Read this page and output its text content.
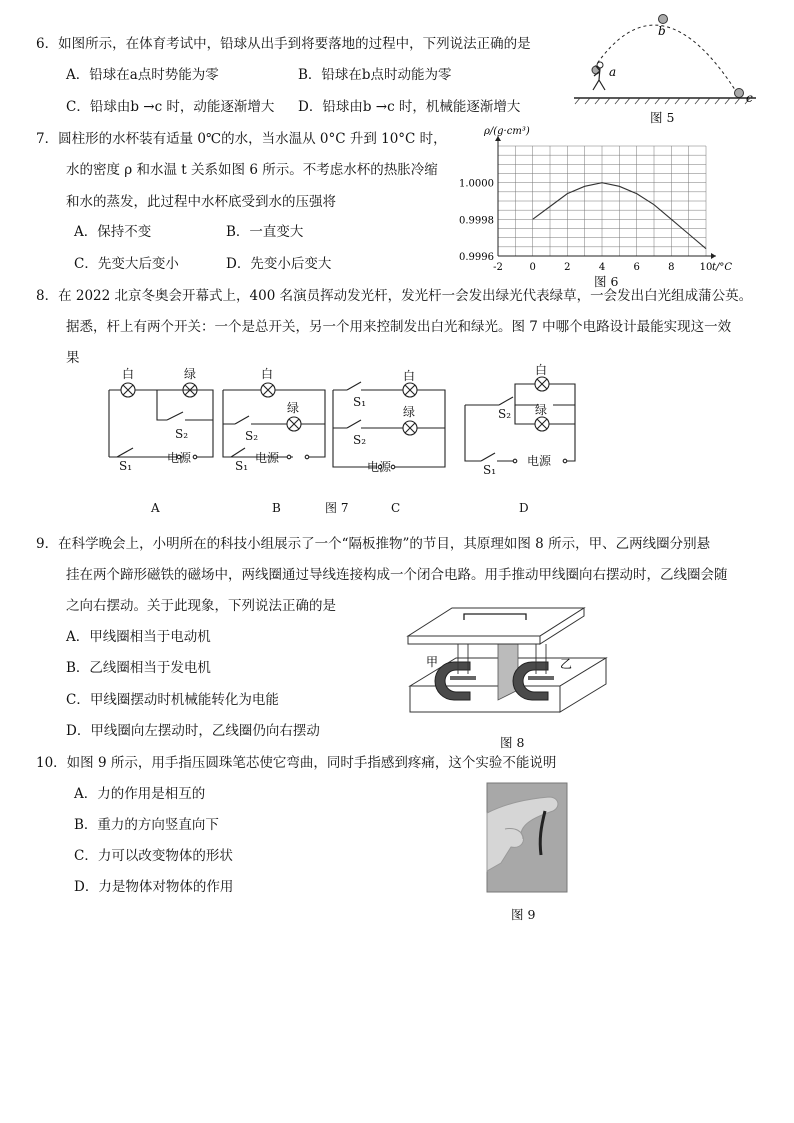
6．如图所示，在体育考试中，铅球从出手到将要落地的过程中，下列说法正确的是
A．铅球在a点时势能为零	B．铅球在b点时动能为零
C．铅球由b →c 时，动能逐渐增大 D．铅球由b →c 时，机械能逐渐增大
a
b
c
图 5
7．圆柱形的水杯装有适量 0℃的水，当水温从 0°C 升到 10°C 时，
水的密度 ρ 和水温 t 关系如图 6 所示。不考虑水杯的热胀冷缩
和水的蒸发，此过程中水杯底受到水的压强将
A．保持不变	B．一直变大
C．先变大后变小	D．先变小后变大	-2	0	2	4	6	8	10
0.9996
0.9998
1.0000
ρ/(g·cm³)
t/°C
图 6
8．在 2022 北京冬奥会开幕式上，400 名演员挥动发光杆，发光杆一会发出绿光代表绿草，一会发出白光组成蒲公英。
据悉，杆上有两个开关：一个是总开关，另一个用来控制发出白光和绿光。图 7 中哪个电路设计最能实现这一效
果
白	绿
S₂
S₁
电源
白
绿
S₂
S₁
电源
白
绿
S₁
S₂
电源
白
绿
S₂
S₁
电源
A	B	图 7	C	D
9．在科学晚会上，小明所在的科技小组展示了一个“隔板推物”的节目，其原理如图 8 所示，甲、乙两线圈分别悬
挂在两个蹄形磁铁的磁场中，两线圈通过导线连接构成一个闭合电路。用手推动甲线圈向右摆动时，乙线圈会随
之向右摆动。关于此现象，下列说法正确的是
A．甲线圈相当于电动机
B．乙线圈相当于发电机
C．甲线圈摆动时机械能转化为电能
D．甲线圈向左摆动时，乙线圈仍向右摆动
甲	乙
图 8
10．如图 9 所示，用手指压圆珠笔芯使它弯曲，同时手指感到疼痛，这个实验不能说明
A．力的作用是相互的
B．重力的方向竖直向下
C．力可以改变物体的形状
D．力是物体对物体的作用
图 9
